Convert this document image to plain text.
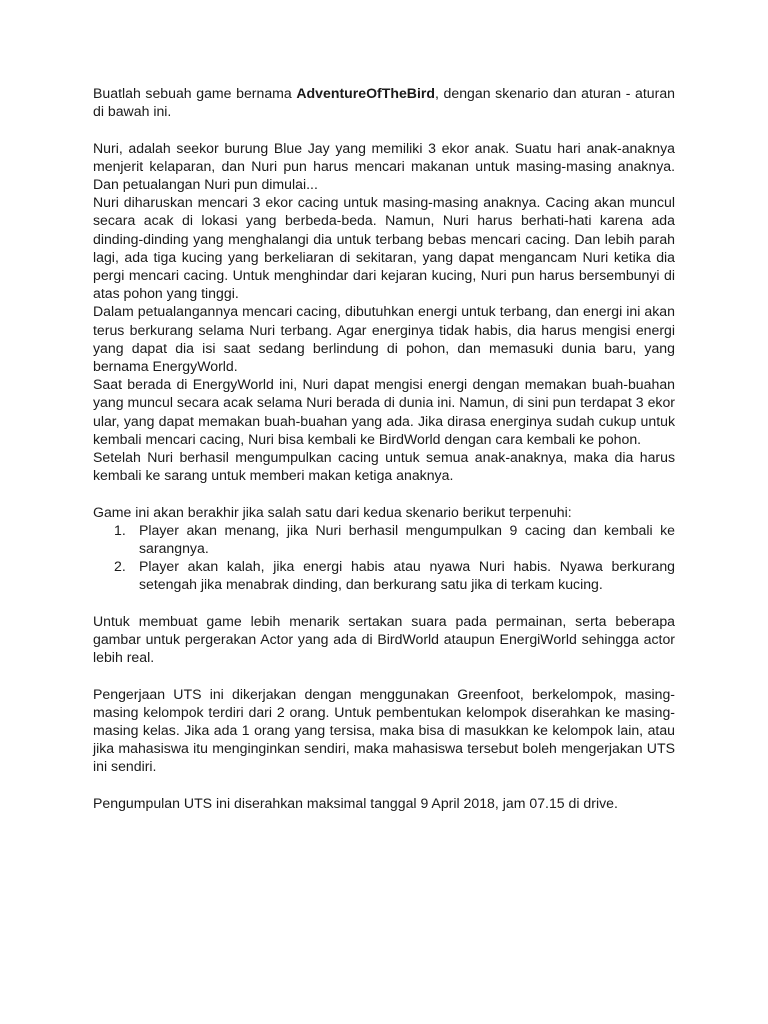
Buatlah sebuah game bernama AdventureOfTheBird, dengan skenario dan aturan - aturan di bawah ini.

Nuri, adalah seekor burung Blue Jay yang memiliki 3 ekor anak. Suatu hari anak-anaknya menjerit kelaparan, dan Nuri pun harus mencari makanan untuk masing-masing anaknya. Dan petualangan Nuri pun dimulai...

Nuri diharuskan mencari 3 ekor cacing untuk masing-masing anaknya. Cacing akan muncul secara acak di lokasi yang berbeda-beda. Namun, Nuri harus berhati-hati karena ada dinding-dinding yang menghalangi dia untuk terbang bebas mencari cacing. Dan lebih parah lagi, ada tiga kucing yang berkeliaran di sekitaran, yang dapat mengancam Nuri ketika dia pergi mencari cacing. Untuk menghindar dari kejaran kucing, Nuri pun harus bersembunyi di atas pohon yang tinggi.

Dalam petualangannya mencari cacing, dibutuhkan energi untuk terbang, dan energi ini akan terus berkurang selama Nuri terbang. Agar energinya tidak habis, dia harus mengisi energi yang dapat dia isi saat sedang berlindung di pohon, dan memasuki dunia baru, yang bernama EnergyWorld.

Saat berada di EnergyWorld ini, Nuri dapat mengisi energi dengan memakan buah-buahan yang muncul secara acak selama Nuri berada di dunia ini. Namun, di sini pun terdapat 3 ekor ular, yang dapat memakan buah-buahan yang ada. Jika dirasa energinya sudah cukup untuk kembali mencari cacing, Nuri bisa kembali ke BirdWorld dengan cara kembali ke pohon.

Setelah Nuri berhasil mengumpulkan cacing untuk semua anak-anaknya, maka dia harus kembali ke sarang untuk memberi makan ketiga anaknya.

Game ini akan berakhir jika salah satu dari kedua skenario berikut terpenuhi:

1. Player akan menang, jika Nuri berhasil mengumpulkan 9 cacing dan kembali ke sarangnya.
2. Player akan kalah, jika energi habis atau nyawa Nuri habis. Nyawa berkurang setengah jika menabrak dinding, dan berkurang satu jika di terkam kucing.

Untuk membuat game lebih menarik sertakan suara pada permainan, serta beberapa gambar untuk pergerakan Actor yang ada di BirdWorld ataupun EnergiWorld sehingga actor lebih real.

Pengerjaan UTS ini dikerjakan dengan menggunakan Greenfoot, berkelompok, masing-masing kelompok terdiri dari 2 orang. Untuk pembentukan kelompok diserahkan ke masing-masing kelas. Jika ada 1 orang yang tersisa, maka bisa di masukkan ke kelompok lain, atau jika mahasiswa itu menginginkan sendiri, maka mahasiswa tersebut boleh mengerjakan UTS ini sendiri.

Pengumpulan UTS ini diserahkan maksimal tanggal 9 April 2018, jam 07.15 di drive.
